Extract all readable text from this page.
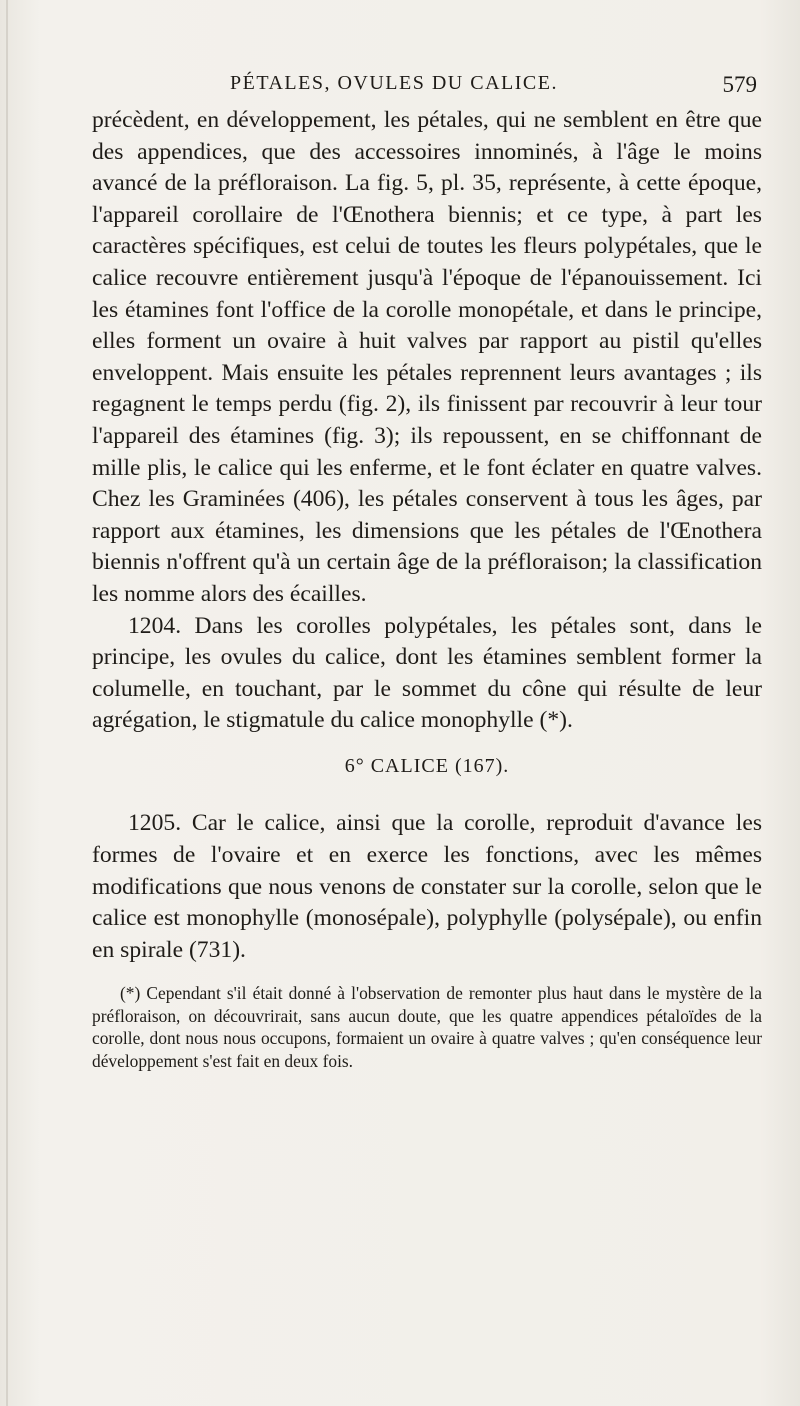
PÉTALES, OVULES DU CALICE.	579

précèdent, en développement, les pétales, qui ne semblent en être que des appendices, que des accessoires innominés, à l'âge le moins avancé de la préfloraison. La fig. 5, pl. 35, représente, à cette époque, l'appareil corollaire de l'Œnothera biennis; et ce type, à part les caractères spécifiques, est celui de toutes les fleurs polypétales, que le calice recouvre entièrement jusqu'à l'époque de l'épanouissement. Ici les étamines font l'office de la corolle monopétale, et dans le principe, elles forment un ovaire à huit valves par rapport au pistil qu'elles enveloppent. Mais ensuite les pétales reprennent leurs avantages ; ils regagnent le temps perdu (fig. 2), ils finissent par recouvrir à leur tour l'appareil des étamines (fig. 3); ils repoussent, en se chiffonnant de mille plis, le calice qui les enferme, et le font éclater en quatre valves. Chez les Graminées (406), les pétales conservent à tous les âges, par rapport aux étamines, les dimensions que les pétales de l'Œnothera biennis n'offrent qu'à un certain âge de la préfloraison; la classification les nomme alors des écailles.

1204. Dans les corolles polypétales, les pétales sont, dans le principe, les ovules du calice, dont les étamines semblent former la columelle, en touchant, par le sommet du cône qui résulte de leur agrégation, le stigmatule du calice monophylle (*).

6° CALICE (167).

1205. Car le calice, ainsi que la corolle, reproduit d'avance les formes de l'ovaire et en exerce les fonctions, avec les mêmes modifications que nous venons de constater sur la corolle, selon que le calice est monophylle (monosépale), polyphylle (polysépale), ou enfin en spirale (731).

(*) Cependant s'il était donné à l'observation de remonter plus haut dans le mystère de la préfloraison, on découvrirait, sans aucun doute, que les quatre appendices pétaloïdes de la corolle, dont nous nous occupons, formaient un ovaire à quatre valves ; qu'en conséquence leur développement s'est fait en deux fois.
